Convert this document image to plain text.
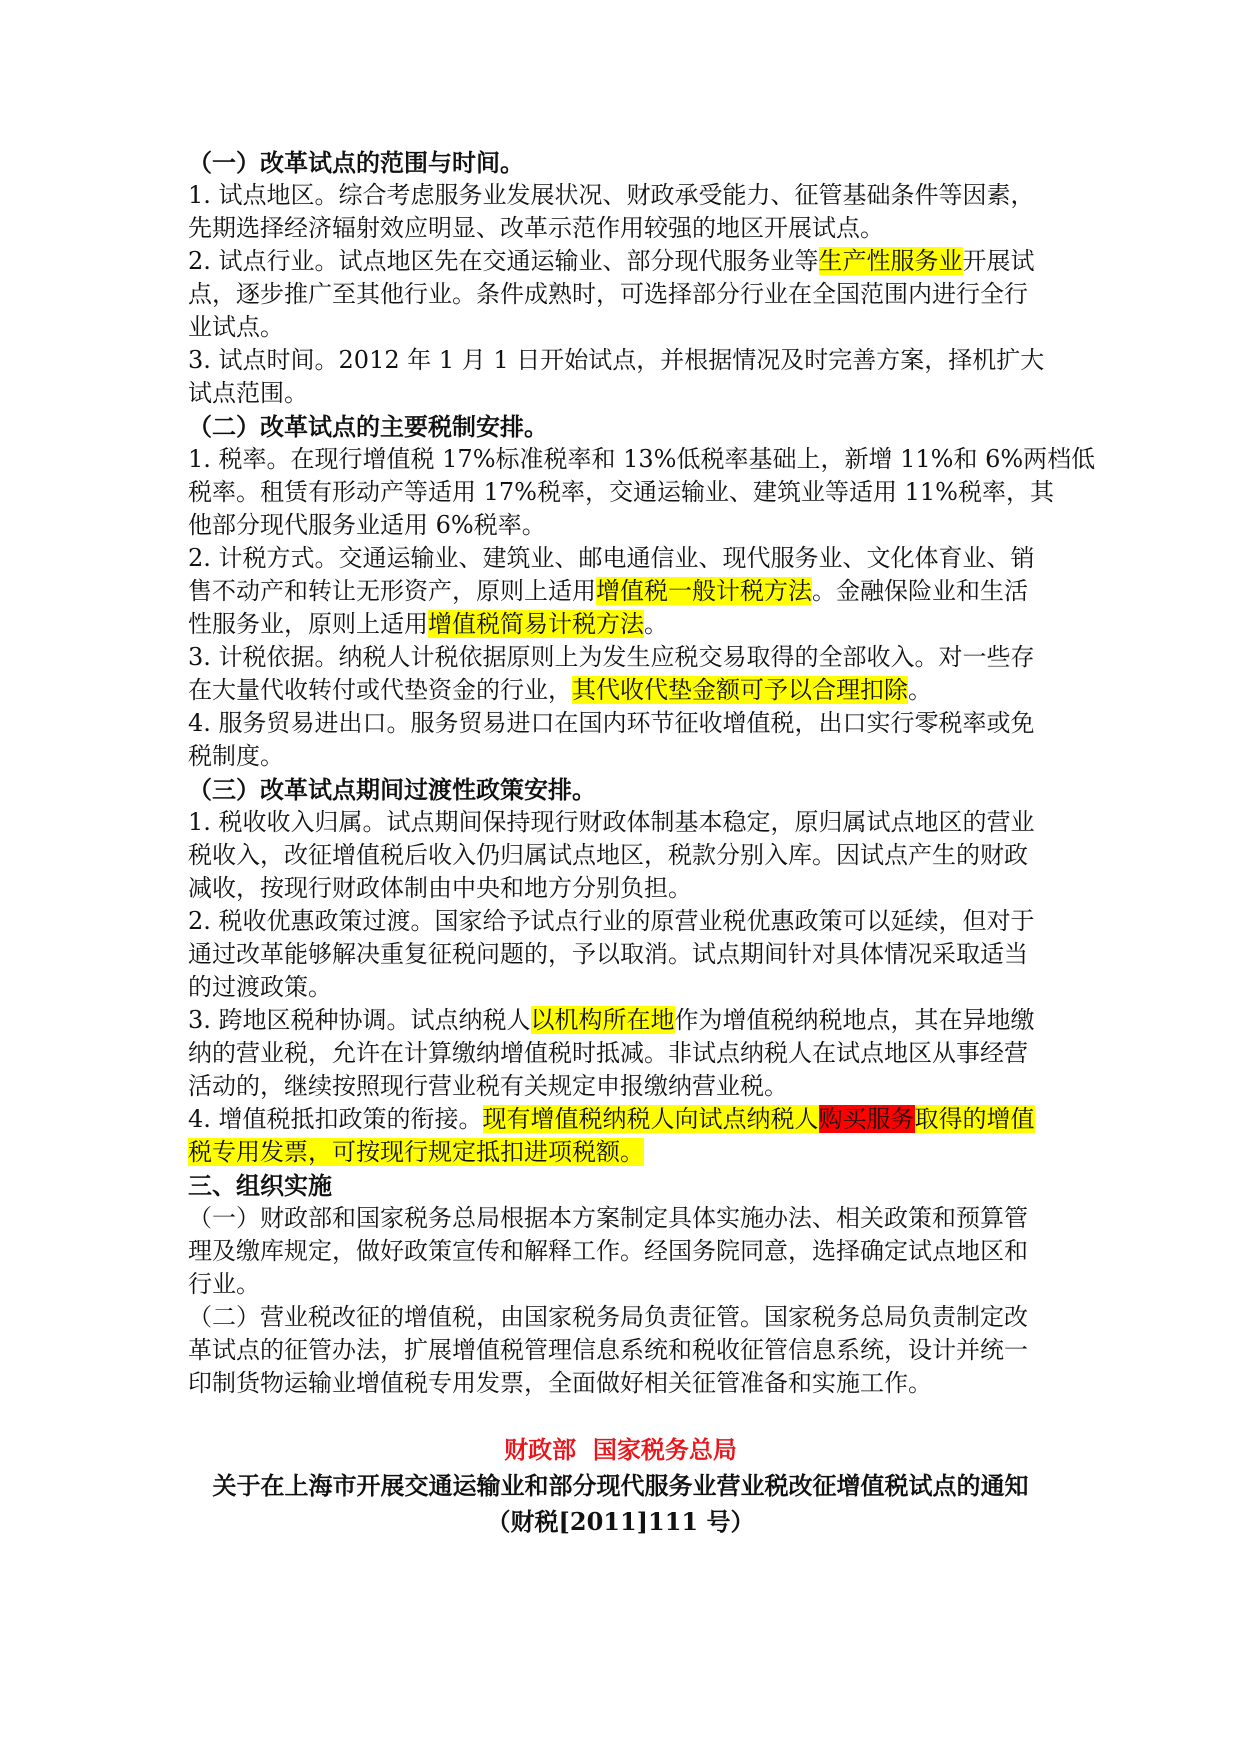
（一）改革试点的范围与时间。
1. 试点地区。综合考虑服务业发展状况、财政承受能力、征管基础条件等因素，
先期选择经济辐射效应明显、改革示范作用较强的地区开展试点。
2. 试点行业。试点地区先在交通运输业、部分现代服务业等生产性服务业开展试
点，逐步推广至其他行业。条件成熟时，可选择部分行业在全国范围内进行全行
业试点。
3. 试点时间。2012 年 1 月 1 日开始试点，并根据情况及时完善方案，择机扩大
试点范围。
（二）改革试点的主要税制安排。
1. 税率。在现行增值税 17%标准税率和 13%低税率基础上，新增 11%和 6%两档低
税率。租赁有形动产等适用 17%税率，交通运输业、建筑业等适用 11%税率，其
他部分现代服务业适用 6%税率。
2. 计税方式。交通运输业、建筑业、邮电通信业、现代服务业、文化体育业、销
售不动产和转让无形资产，原则上适用增值税一般计税方法。金融保险业和生活
性服务业，原则上适用增值税简易计税方法。
3. 计税依据。纳税人计税依据原则上为发生应税交易取得的全部收入。对一些存
在大量代收转付或代垫资金的行业，其代收代垫金额可予以合理扣除。
4. 服务贸易进出口。服务贸易进口在国内环节征收增值税，出口实行零税率或免
税制度。
（三）改革试点期间过渡性政策安排。
1. 税收收入归属。试点期间保持现行财政体制基本稳定，原归属试点地区的营业
税收入，改征增值税后收入仍归属试点地区，税款分别入库。因试点产生的财政
减收，按现行财政体制由中央和地方分别负担。
2. 税收优惠政策过渡。国家给予试点行业的原营业税优惠政策可以延续，但对于
通过改革能够解决重复征税问题的，予以取消。试点期间针对具体情况采取适当
的过渡政策。
3. 跨地区税种协调。试点纳税人以机构所在地作为增值税纳税地点，其在异地缴
纳的营业税，允许在计算缴纳增值税时抵减。非试点纳税人在试点地区从事经营
活动的，继续按照现行营业税有关规定申报缴纳营业税。
4. 增值税抵扣政策的衔接。现有增值税纳税人向试点纳税人购买服务取得的增值
税专用发票，可按现行规定抵扣进项税额。
三、组织实施
（一）财政部和国家税务总局根据本方案制定具体实施办法、相关政策和预算管
理及缴库规定，做好政策宣传和解释工作。经国务院同意，选择确定试点地区和
行业。
（二）营业税改征的增值税，由国家税务局负责征管。国家税务总局负责制定改
革试点的征管办法，扩展增值税管理信息系统和税收征管信息系统，设计并统一
印制货物运输业增值税专用发票，全面做好相关征管准备和实施工作。
财政部  国家税务总局
关于在上海市开展交通运输业和部分现代服务业营业税改征增值税试点的通知
（财税[2011]111 号）
